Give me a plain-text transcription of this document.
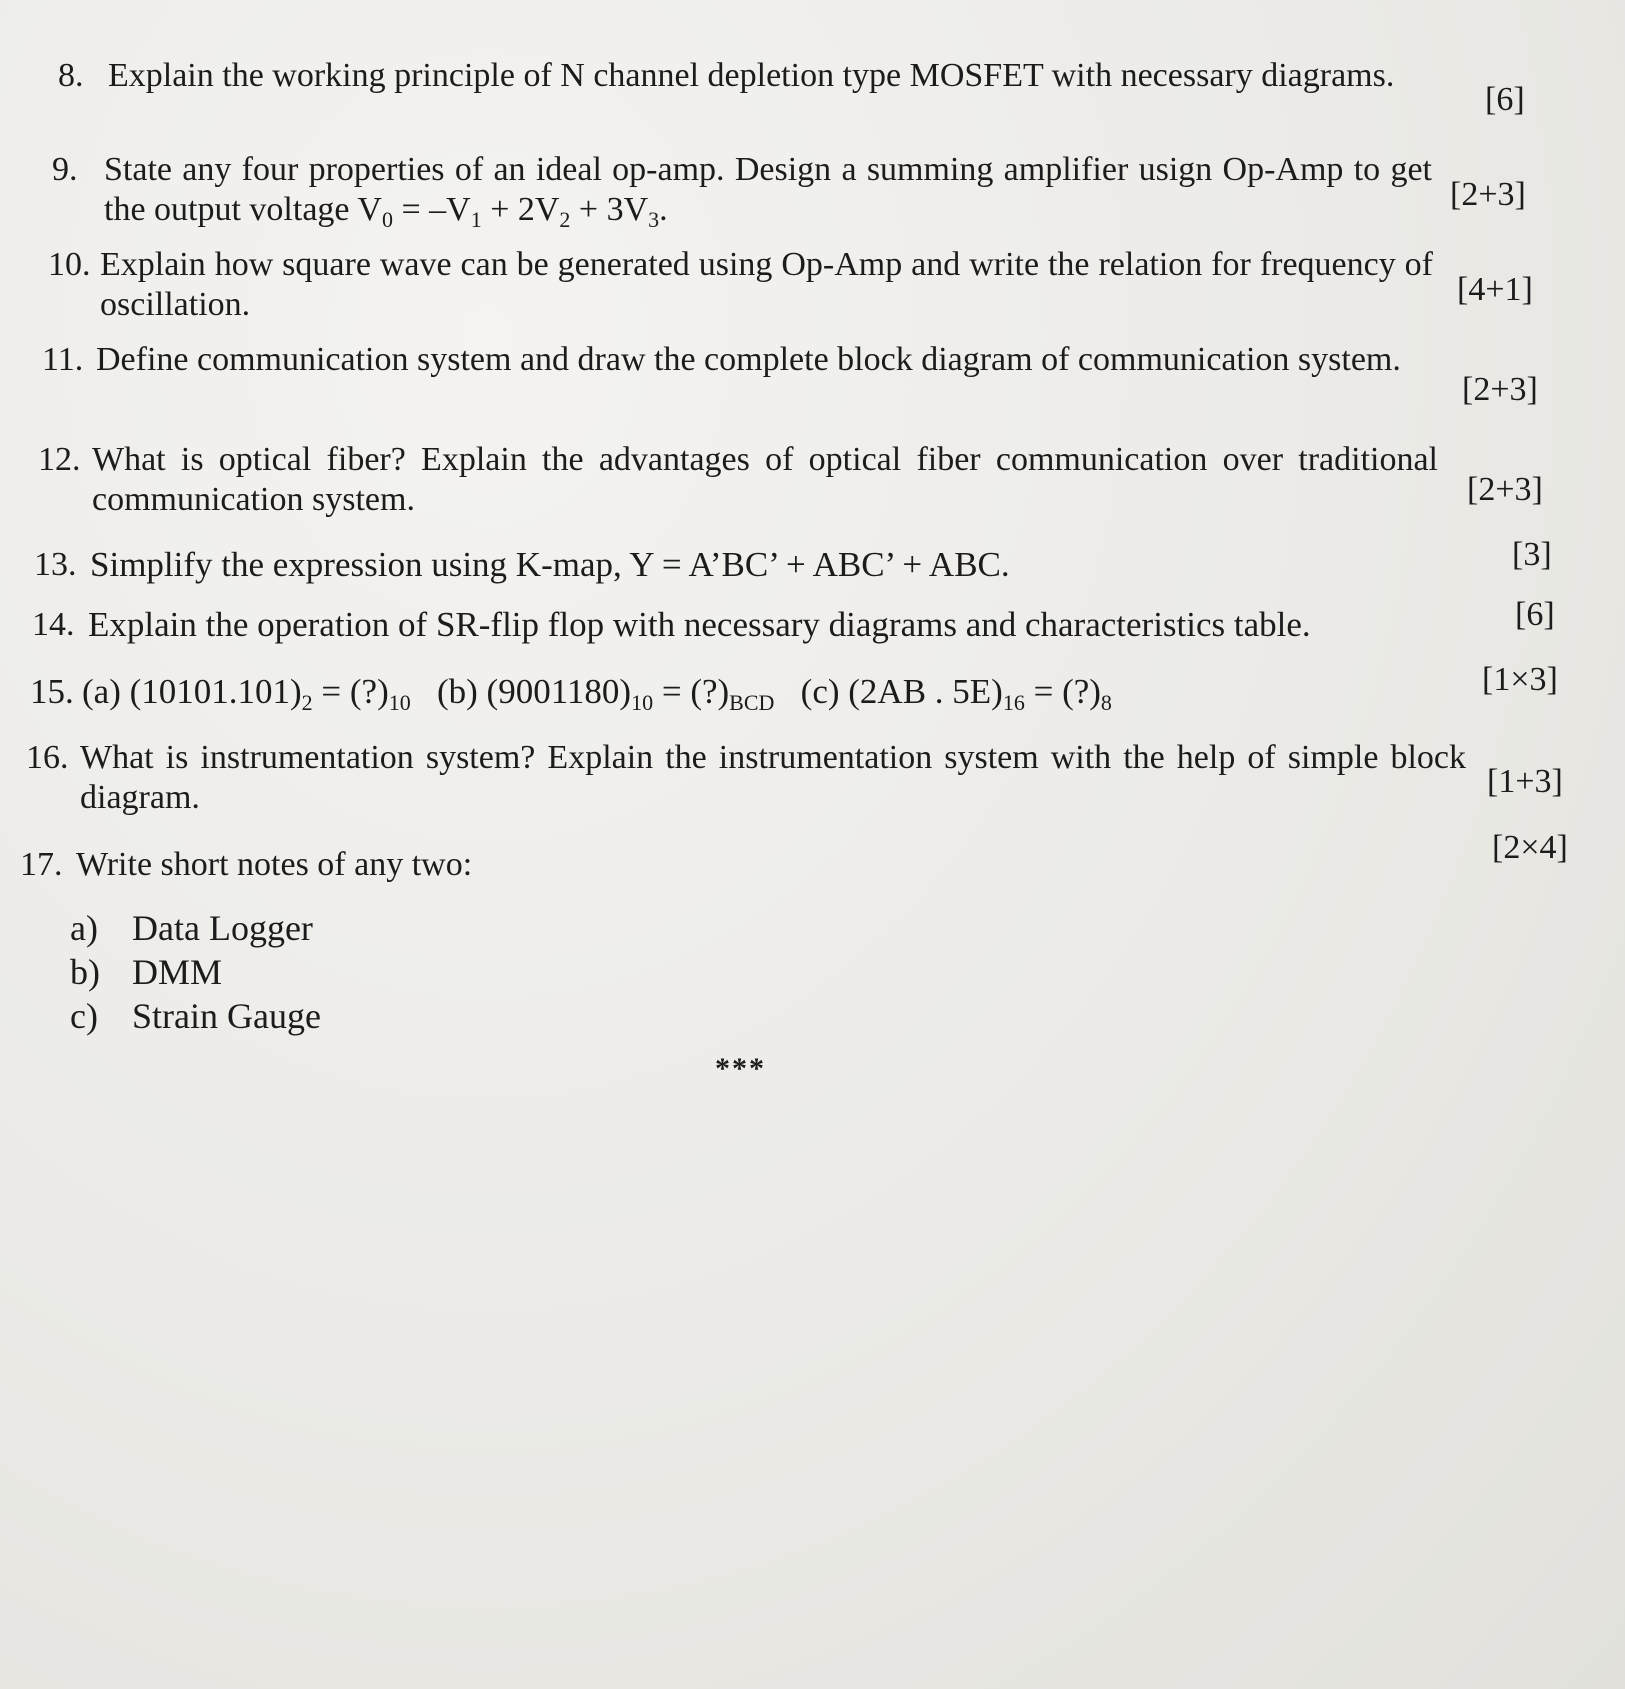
8. Explain the working principle of N channel depletion type MOSFET with necessary diagrams.
[6]
9. State any four properties of an ideal op-amp. Design a summing amplifier usign Op-Amp to get the output voltage $V_0 = -V_1 + 2V_2 + 3V_3$.	[2+3]
10. Explain how square wave can be generated using Op-Amp and write the relation for frequency of oscillation.	[4+1]
11. Define communication system and draw the complete block diagram of communication system.
[2+3]
12. What is optical fiber? Explain the advantages of optical fiber communication over traditional communication system.	[2+3]
13. Simplify the expression using K-map, Y = A’BC’ + ABC’ + ABC.	[3]
14. Explain the operation of SR-flip flop with necessary diagrams and characteristics table.	[6]
15. (a) $(10101.101)_2$ = $(?)_{10}$ (b) $(9001180)_{10}$ = $(?)_{BCD}$ (c) (2AB . $5E)_{16}$ = $(?)_8$
[1×3]
16. What is instrumentation system? Explain the instrumentation system with the help of simple block diagram.	[1+3]
17. Write short notes of any two:	[2×4]
a) Data Logger
b) DMM
c) Strain Gauge
***
